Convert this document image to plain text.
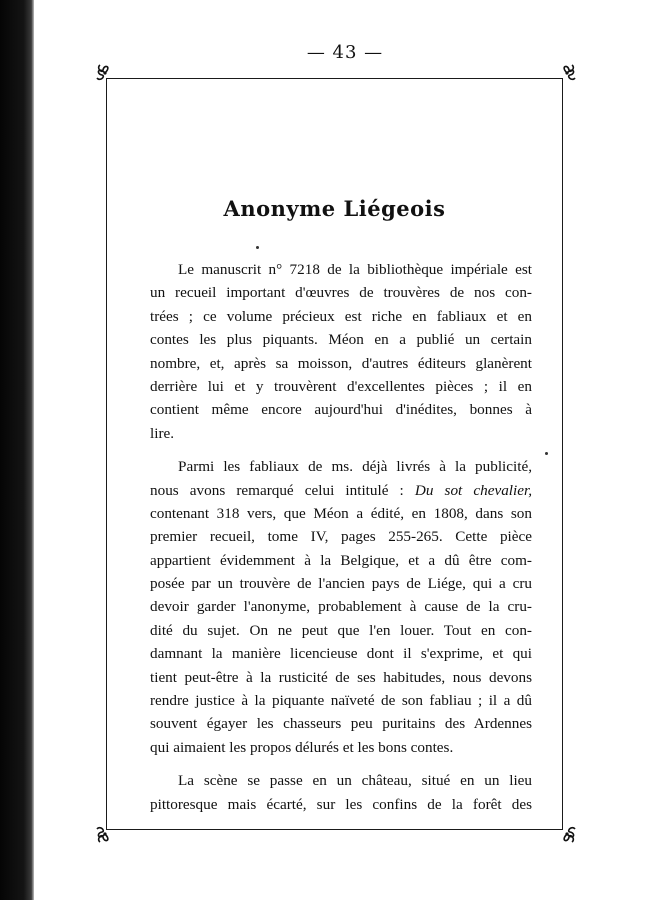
— 43 —
Anonyme Liégeois

Le manuscrit n° 7218 de la bibliothèque impériale est
un recueil important d'œuvres de trouvères de nos con-
trées ; ce volume précieux est riche en fabliaux et en
contes les plus piquants. Méon en a publié un certain
nombre, et, après sa moisson, d'autres éditeurs glanèrent
derrière lui et y trouvèrent d'excellentes pièces ; il en
contient même encore aujourd'hui d'inédites, bonnes à
lire.

Parmi les fabliaux de ms. déjà livrés à la publicité,
nous avons remarqué celui intitulé : Du sot chevalier,
contenant 318 vers, que Méon a édité, en 1808, dans son
premier recueil, tome IV, pages 255-265. Cette pièce
appartient évidemment à la Belgique, et a dû être com-
posée par un trouvère de l'ancien pays de Liége, qui a cru
devoir garder l'anonyme, probablement à cause de la cru-
dité du sujet. On ne peut que l'en louer. Tout en con-
damnant la manière licencieuse dont il s'exprime, et qui
tient peut-être à la rusticité de ses habitudes, nous devons
rendre justice à la piquante naïveté de son fabliau ; il a dû
souvent égayer les chasseurs peu puritains des Ardennes
qui aimaient les propos délurés et les bons contes.

La scène se passe en un château, situé en un lieu
pittoresque mais écarté, sur les confins de la forêt des
